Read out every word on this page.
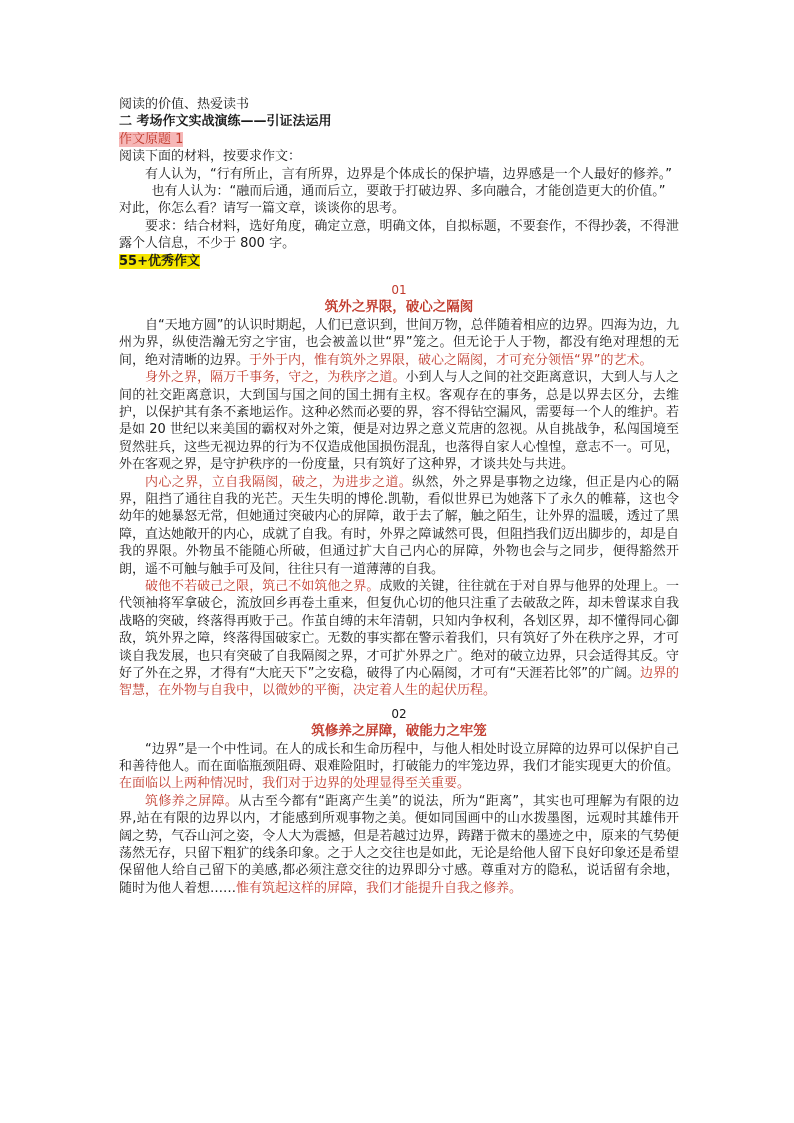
阅读的价值、热爱读书
二 考场作文实战演练——引证法运用
作文原题 1
阅读下面的材料，按要求作文：
有人认为，“行有所止，言有所界，边界是个体成长的保护墙，边界感是一个人最好的修养。”
也有人认为：“融而后通，通而后立，要敢于打破边界、多向融合，才能创造更大的价值。”
对此，你怎么看？请写一篇文章，谈谈你的思考。
要求：结合材料，选好角度，确定立意，明确文体，自拟标题，不要套作，不得抄袭，不得泄露个人信息，不少于 800 字。
55+优秀作文
01
筑外之界限，破心之隔阂
自“天地方圆”的认识时期起，人们已意识到，世间万物，总伴随着相应的边界。四海为边，九州为界，纵使浩瀚无穷之宇宙，也会被盖以世“界”笼之。但无论于人于物，都没有绝对理想的无间，绝对清晰的边界。于外于内，惟有筑外之界限，破心之隔阂，才可充分领悟“界”的艺术。
身外之界，隔万千事务，守之，为秩序之道。小到人与人之间的社交距离意识，大到人与人之间的社交距离意识，大到国与国之间的国土拥有主权。客观存在的事务，总是以界去区分，去维护，以保护其有条不紊地运作。这种必然而必要的界，容不得钻空漏风，需要每一个人的维护。若是如 20 世纪以来美国的霸权对外之策，便是对边界之意义荒唐的忽视。从自挑战争，私闯国境至贸然驻兵，这些无视边界的行为不仅造成他国损伤混乱，也落得自家人心惶惶，意志不一。可见，外在客观之界，是守护秩序的一份度量，只有筑好了这种界，才谈共处与共进。
内心之界，立自我隔阂，破之，为进步之道。纵然，外之界是事物之边缘，但正是内心的隔界，阻挡了通往自我的光芒。天生失明的博伦.凯勒，看似世界已为她落下了永久的帷幕，这也令幼年的她暴怒无常，但她通过突破内心的屏障，敢于去了解，触之陌生，让外界的温暖，透过了黑障，直达她敞开的内心，成就了自我。有时，外界之障诚然可畏，但阻挡我们迈出脚步的，却是自我的界限。外物虽不能随心所破，但通过扩大自己内心的屏障，外物也会与之同步，便得豁然开朗，遥不可触与触手可及间，往往只有一道薄薄的自我。
破他不若破己之限，筑己不如筑他之界。成败的关键，往往就在于对自界与他界的处理上。一代领袖将军拿破仑，流放回乡再卷土重来，但复仇心切的他只注重了去破敌之阵，却未曾谋求自我战略的突破，终落得再败于己。作茧自缚的末年清朝，只知内争权利，各划区界，却不懂得同心御敌，筑外界之障，终落得国破家亡。无数的事实都在警示着我们，只有筑好了外在秩序之界，才可谈自我发展，也只有突破了自我隔阂之界，才可扩外界之广。绝对的破立边界，只会适得其反。守好了外在之界，才得有“大庇天下”之安稳，破得了内心隔阂，才可有“天涯若比邻”的广阔。边界的智慧，在外物与自我中，以微妙的平衡，决定着人生的起伏历程。
02
筑修养之屏障，破能力之牢笼
“边界”是一个中性词。在人的成长和生命历程中，与他人相处时设立屏障的边界可以保护自己和善待他人。而在面临瓶颈阻碍、艰难险阻时，打破能力的牢笼边界，我们才能实现更大的价值。在面临以上两种情况时，我们对于边界的处理显得至关重要。
筑修养之屏障。从古至今都有“距离产生美”的说法，所为“距离”，其实也可理解为有限的边界,站在有限的边界以内，才能感到所观事物之美。便如同国画中的山水拨墨图，远观时其雄伟开阔之势，气吞山河之姿，令人大为震撼，但是若越过边界，踌躇于微末的墨迹之中，原来的气势便荡然无存，只留下粗犷的线条印象。之于人之交往也是如此，无论是给他人留下良好印象还是希望保留他人给自己留下的美感,都必须注意交往的边界即分寸感。尊重对方的隐私，说话留有余地，随时为他人着想……惟有筑起这样的屏障，我们才能提升自我之修养。
